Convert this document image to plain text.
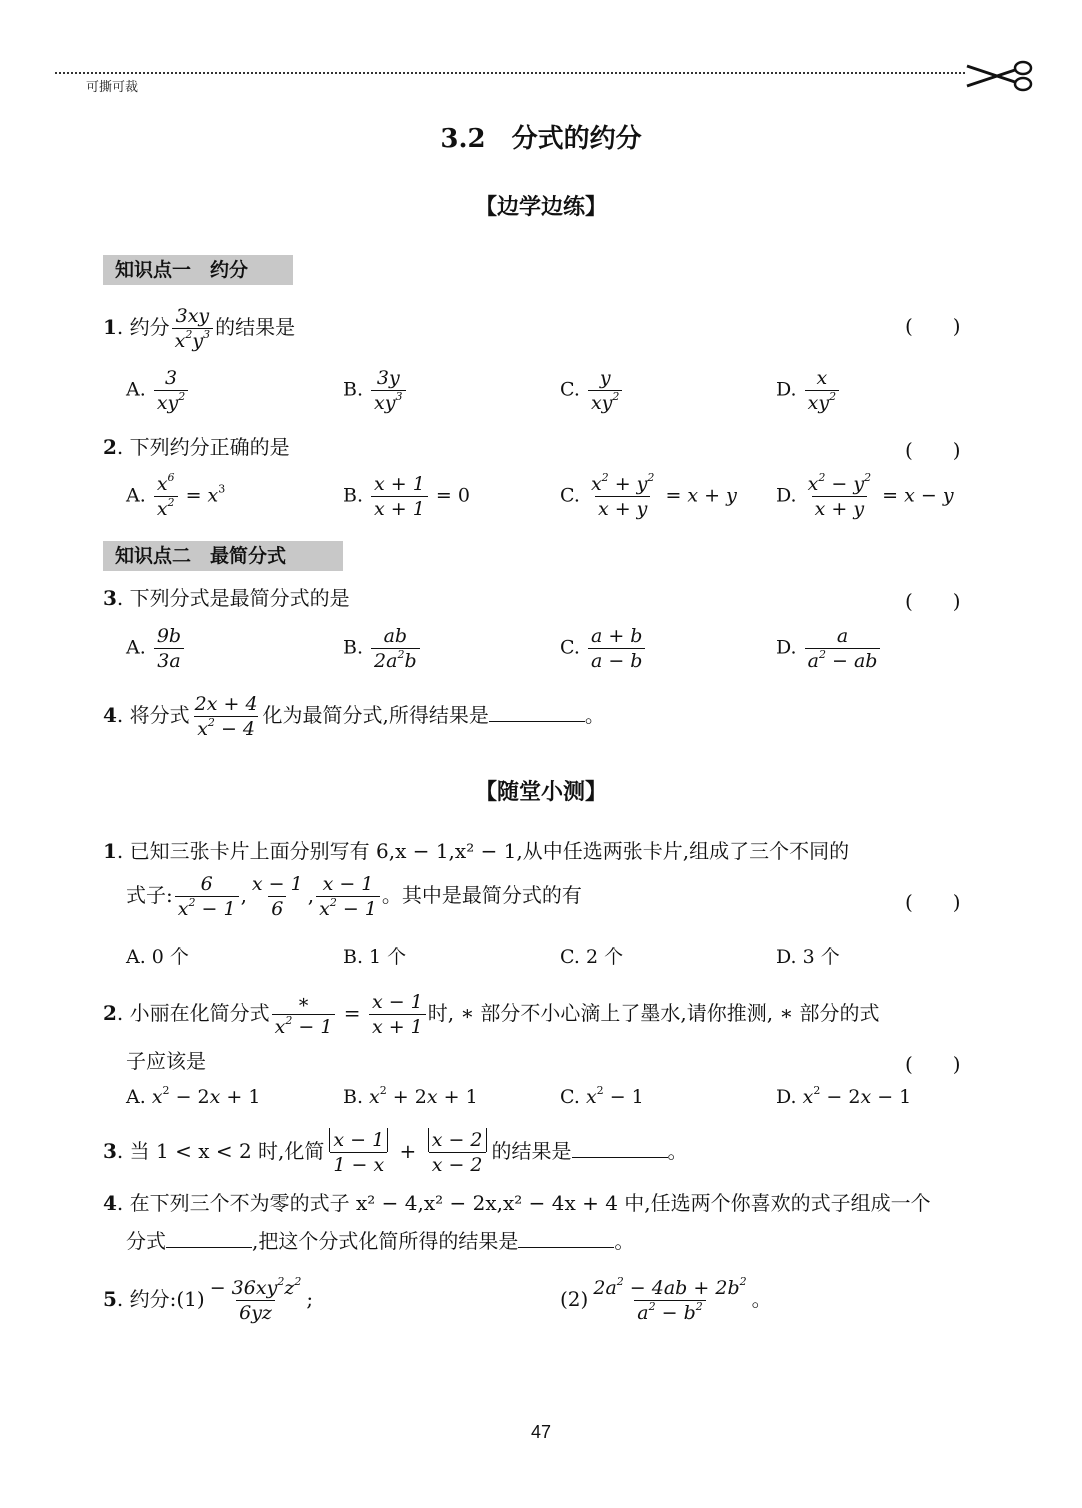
可撕可裁
3.2　分式的约分
【边学边练】
知识点一　约分
1. 约分 $\frac{3xy}{x^2y^3}$ 的结果是	(　　)
A. $\frac{3}{xy^2}$	B. $\frac{3y}{xy^3}$	C. $\frac{y}{xy^2}$	D. $\frac{x}{xy^2}$
2. 下列约分正确的是	(　　)
A. $\frac{x^6}{x^2} = x^3$	B. $\frac{x + 1}{x + 1} = 0$	C. $\frac{x^2 + y^2}{x + y} = x + y$ D. $\frac{x^2 - y^2}{x + y} = x - y$
知识点二　最简分式
3. 下列分式是最简分式的是	(　　)
A. $\frac{9b}{3a}$	B. $\frac{ab}{2a^2b}$	C. $\frac{a + b}{a - b}$	D. $\frac{a}{a^2 - ab}$
4. 将分式 $\frac{2x + 4}{x^2 - 4}$ 化为最简分式,所得结果是	。
【随堂小测】
1. 已知三张卡片上面分别写有 6,x − 1,x² − 1,从中任选两张卡片,组成了三个不同的
式子: $\frac{6}{x^2 - 1}$ , $\frac{x - 1}{6}$ , $\frac{x - 1}{x^2 - 1}$ 。其中是最简分式的有	(　　)
A. 0 个	B. 1 个	C. 2 个	D. 3 个
2. 小丽在化简分式 $\frac{∗}{x^2 - 1} = \frac{x - 1}{x + 1}$ 时, ∗ 部分不小心滴上了墨水,请你推测, ∗ 部分的式
子应该是	(　　)
A. $x^2 - 2x + 1$	B. $x^2 + 2x + 1$	C. $x^2 - 1$	D. $x^2 - 2x - 1$
3. 当 1 < x < 2 时,化简 $\frac{x - 1}{1 - x} + \frac{x - 2}{x - 2}$ 的结果是	。
4. 在下列三个不为零的式子 x² − 4,x² − 2x,x² − 4x + 4 中,任选两个你喜欢的式子组成一个
分式	,把这个分式化简所得的结果是	。
5. 约分:(1) $\frac{- 36xy^2z^2}{6yz}$ ;	$(2) \frac{2a^2 - 4ab + 2b^2}{a^2 - b^2}$ 。
47
